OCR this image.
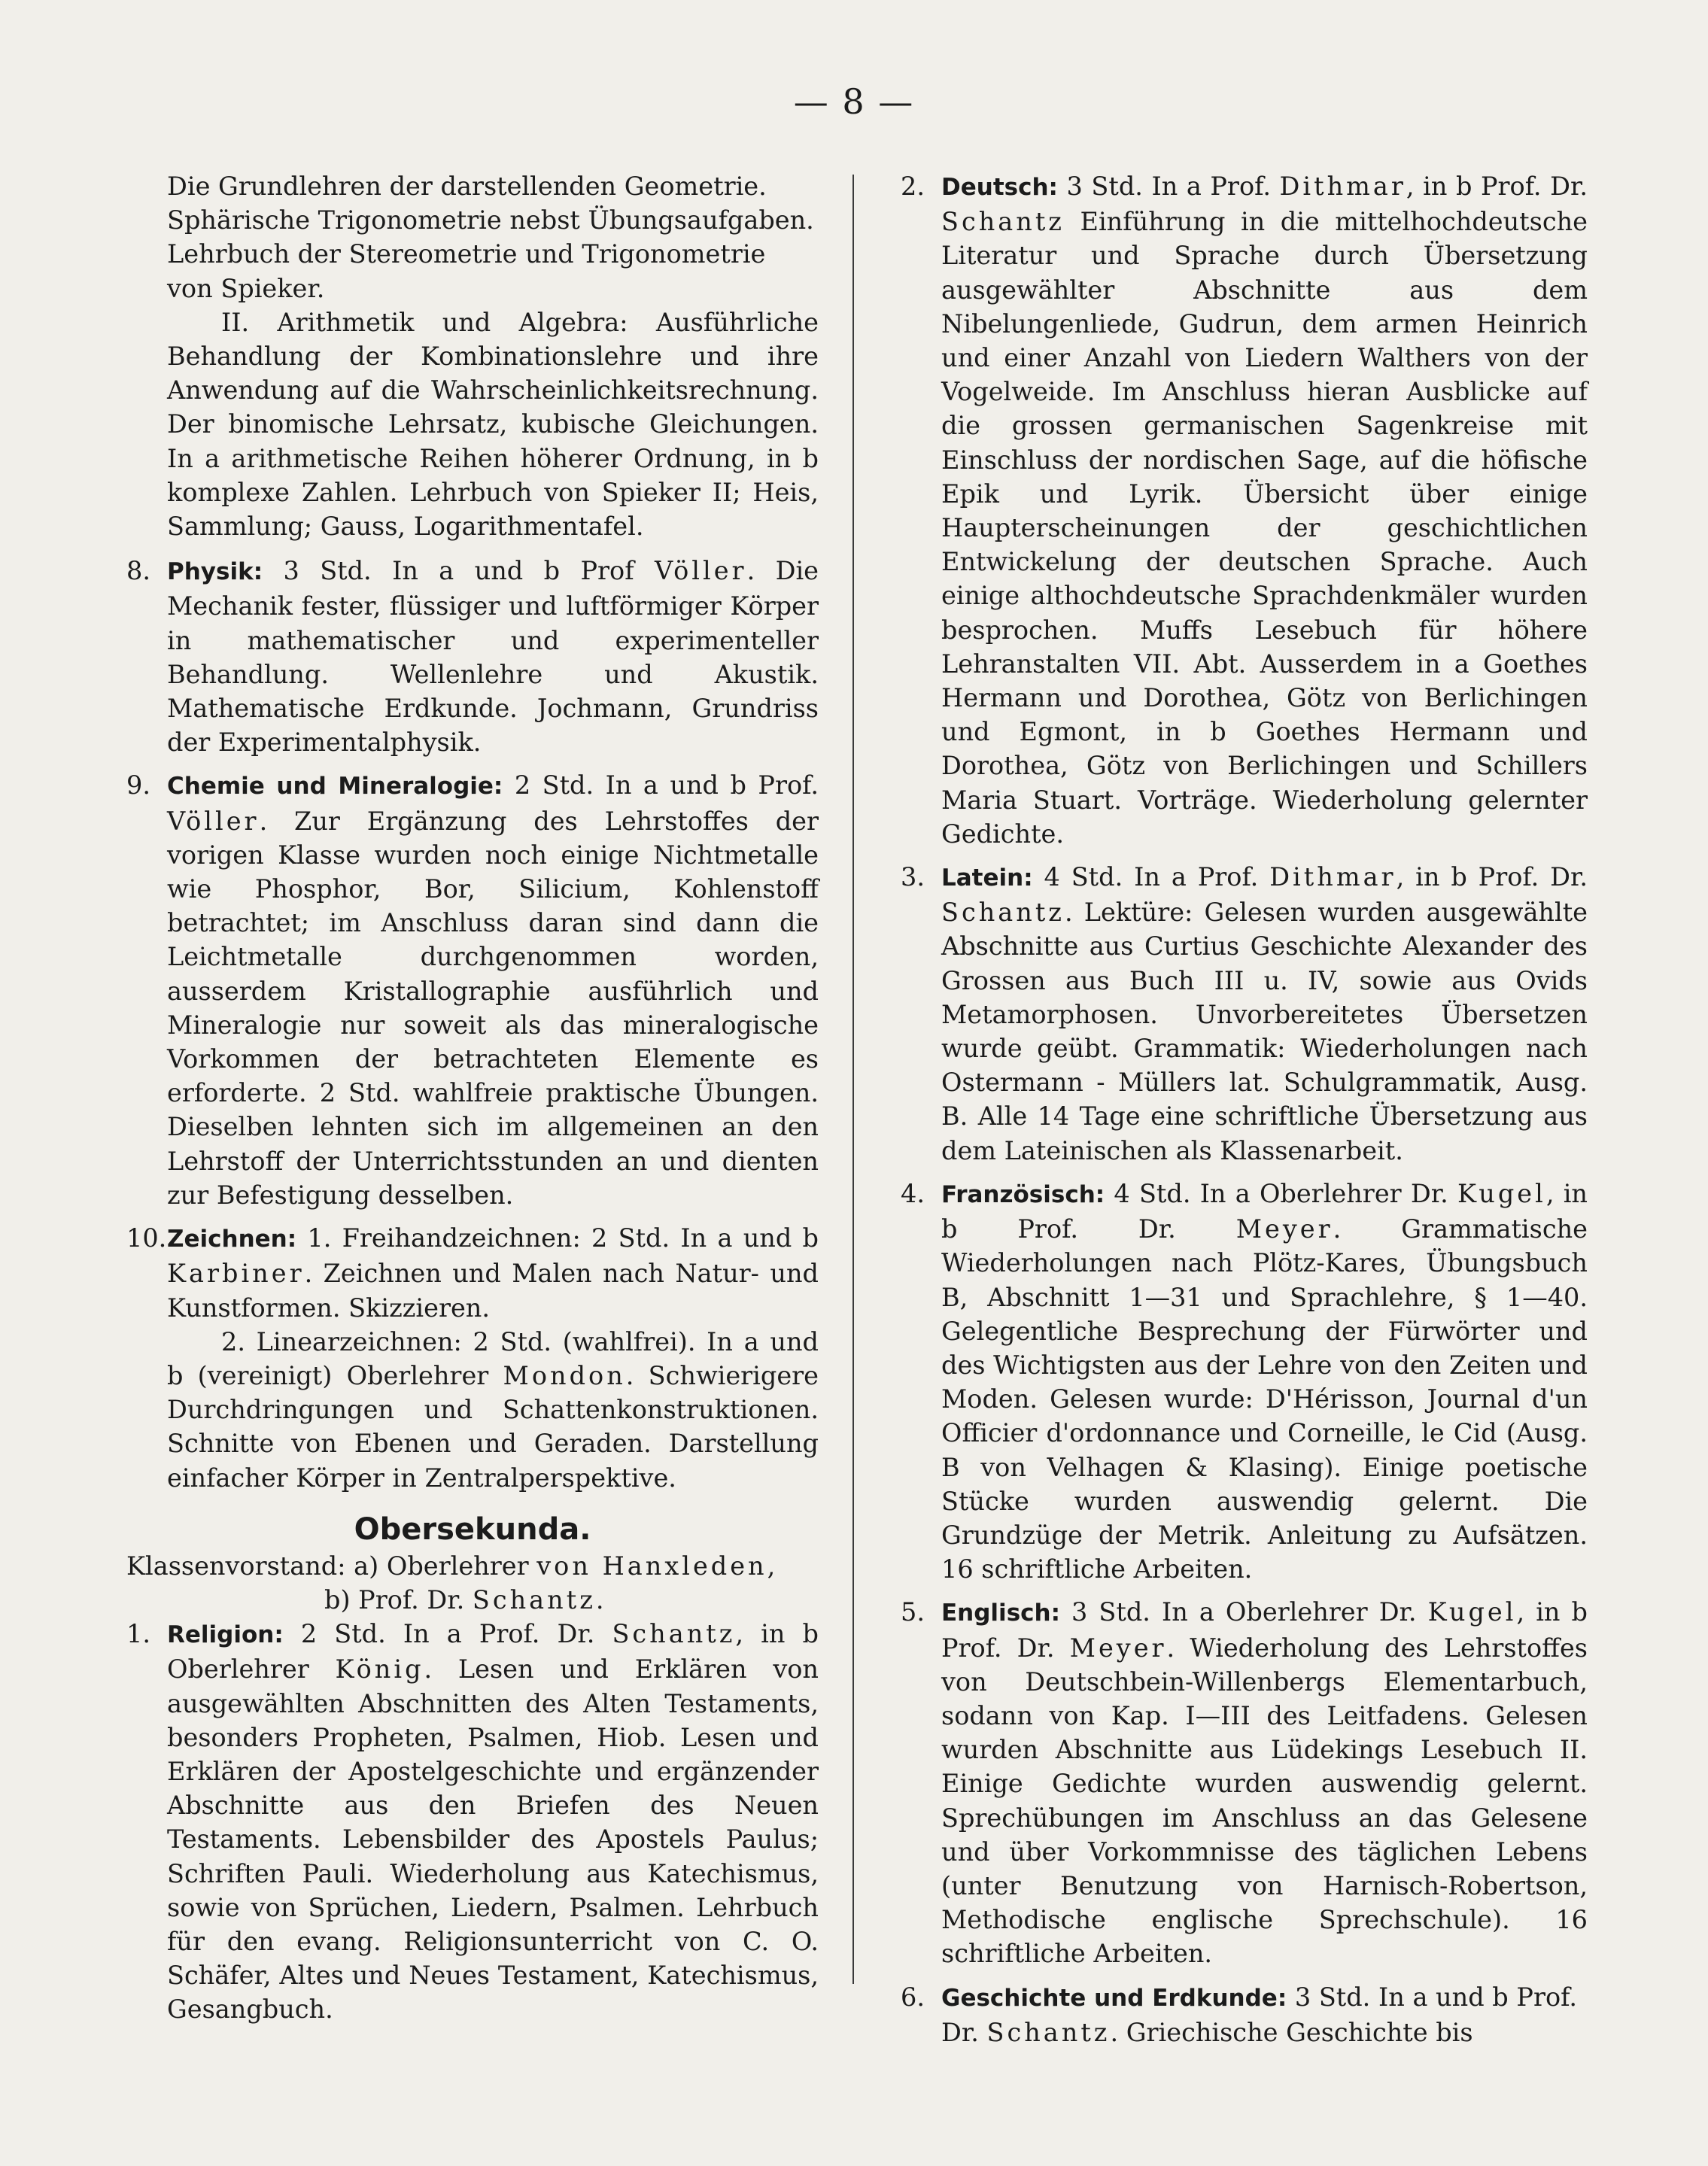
— 8 —
Die Grundlehren der darstellenden Geometrie.
Sphärische Trigonometrie nebst Übungsaufgaben.
Lehrbuch der Stereometrie und Trigonometrie
von Spieker.

II. Arithmetik und Algebra: Ausführliche Behandlung der Kombinationslehre und ihre Anwendung auf die Wahrscheinlichkeitsrechnung. Der binomische Lehrsatz, kubische Gleichungen. In a arithmetische Reihen höherer Ordnung, in b komplexe Zahlen. Lehrbuch von Spieker II; Heis, Sammlung; Gauss, Logarithmentafel.

8. Physik: 3 Std. In a und b Prof Völler. Die Mechanik fester, flüssiger und luftförmiger Körper in mathematischer und experimenteller Behandlung. Wellenlehre und Akustik. Mathematische Erdkunde. Jochmann, Grundriss der Experimentalphysik.

9. Chemie und Mineralogie: 2 Std. In a und b Prof. Völler. Zur Ergänzung des Lehrstoffes der vorigen Klasse wurden noch einige Nichtmetalle wie Phosphor, Bor, Silicium, Kohlenstoff betrachtet; im Anschluss daran sind dann die Leichtmetalle durchgenommen worden, ausserdem Kristallographie ausführlich und Mineralogie nur soweit als das mineralogische Vorkommen der betrachteten Elemente es erforderte. 2 Std. wahlfreie praktische Übungen. Dieselben lehnten sich im allgemeinen an den Lehrstoff der Unterrichtsstunden an und dienten zur Befestigung desselben.

10.Zeichnen: 1. Freihandzeichnen: 2 Std. In a und b Karbiner. Zeichnen und Malen nach Natur- und Kunstformen. Skizzieren.

2. Linearzeichnen: 2 Std. (wahlfrei). In a und b (vereinigt) Oberlehrer Mondon. Schwierigere Durchdringungen und Schattenkonstruktionen. Schnitte von Ebenen und Geraden. Darstellung einfacher Körper in Zentralperspektive.

Obersekunda.

Klassenvorstand: a) Oberlehrer von Hanxleden,

b) Prof. Dr. Schantz.

1. Religion: 2 Std. In a Prof. Dr. Schantz, in b Oberlehrer König. Lesen und Erklären von ausgewählten Abschnitten des Alten Testaments, besonders Propheten, Psalmen, Hiob. Lesen und Erklären der Apostelgeschichte und ergänzender Abschnitte aus den Briefen des Neuen Testaments. Lebensbilder des Apostels Paulus; Schriften Pauli. Wiederholung aus Katechismus, sowie von Sprüchen, Liedern, Psalmen. Lehrbuch für den evang. Religionsunterricht von C. O. Schäfer, Altes und Neues Testament, Katechismus, Gesangbuch.

2. Deutsch: 3 Std. In a Prof. Dithmar, in b Prof. Dr. Schantz Einführung in die mittelhochdeutsche Literatur und Sprache durch Übersetzung ausgewählter Abschnitte aus dem Nibelungenliede, Gudrun, dem armen Heinrich und einer Anzahl von Liedern Walthers von der Vogelweide. Im Anschluss hieran Ausblicke auf die grossen germanischen Sagenkreise mit Einschluss der nordischen Sage, auf die höfische Epik und Lyrik. Übersicht über einige Haupterscheinungen der geschichtlichen Entwickelung der deutschen Sprache. Auch einige althochdeutsche Sprachdenkmäler wurden besprochen. Muffs Lesebuch für höhere Lehranstalten VII. Abt. Ausserdem in a Goethes Hermann und Dorothea, Götz von Berlichingen und Egmont, in b Goethes Hermann und Dorothea, Götz von Berlichingen und Schillers Maria Stuart. Vorträge. Wiederholung gelernter Gedichte.

3. Latein: 4 Std. In a Prof. Dithmar, in b Prof. Dr. Schantz. Lektüre: Gelesen wurden ausgewählte Abschnitte aus Curtius Geschichte Alexander des Grossen aus Buch III u. IV, sowie aus Ovids Metamorphosen. Unvorbereitetes Übersetzen wurde geübt. Grammatik: Wiederholungen nach Ostermann - Müllers lat. Schulgrammatik, Ausg. B. Alle 14 Tage eine schriftliche Übersetzung aus dem Lateinischen als Klassenarbeit.

4. Französisch: 4 Std. In a Oberlehrer Dr. Kugel, in b Prof. Dr. Meyer. Grammatische Wiederholungen nach Plötz-Kares, Übungsbuch B, Abschnitt 1—31 und Sprachlehre, § 1—40. Gelegentliche Besprechung der Fürwörter und des Wichtigsten aus der Lehre von den Zeiten und Moden. Gelesen wurde: D'Hérisson, Journal d'un Officier d'ordonnance und Corneille, le Cid (Ausg. B von Velhagen & Klasing). Einige poetische Stücke wurden auswendig gelernt. Die Grundzüge der Metrik. Anleitung zu Aufsätzen. 16 schriftliche Arbeiten.

5. Englisch: 3 Std. In a Oberlehrer Dr. Kugel, in b Prof. Dr. Meyer. Wiederholung des Lehrstoffes von Deutschbein-Willenbergs Elementarbuch, sodann von Kap. I—III des Leitfadens. Gelesen wurden Abschnitte aus Lüdekings Lesebuch II. Einige Gedichte wurden auswendig gelernt. Sprechübungen im Anschluss an das Gelesene und über Vorkommnisse des täglichen Lebens (unter Benutzung von Harnisch-Robertson, Methodische englische Sprechschule). 16 schriftliche Arbeiten.

6. Geschichte und Erdkunde: 3 Std. In a und b Prof. Dr. Schantz. Griechische Geschichte bis
